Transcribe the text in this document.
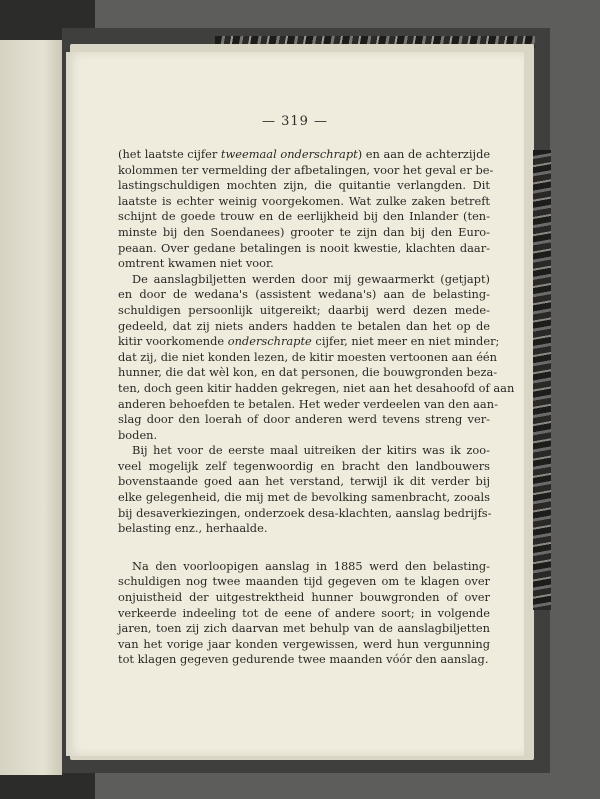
— 319 —
(het laatste cijfer tweemaal onderschrapt) en aan de achterzijde
kolommen ter vermelding der afbetalingen, voor het geval er be-
lastingschuldigen mochten zijn, die quitantie verlangden. Dit
laatste is echter weinig voorgekomen. Wat zulke zaken betreft
schijnt de goede trouw en de eerlijkheid bij den Inlander (ten-
minste bij den Soendanees) grooter te zijn dan bij den Euro-
peaan. Over gedane betalingen is nooit kwestie, klachten daar-
omtrent kwamen niet voor.
De aanslagbiljetten werden door mij gewaarmerkt (getjapt)
en door de wedana's (assistent wedana's) aan de belasting-
schuldigen persoonlijk uitgereikt; daarbij werd dezen mede-
gedeeld, dat zij niets anders hadden te betalen dan het op de
kitir voorkomende onderschrapte cijfer, niet meer en niet minder;
dat zij, die niet konden lezen, de kitir moesten vertoonen aan één
hunner, die dat wèl kon, en dat personen, die bouwgronden beza-
ten, doch geen kitir hadden gekregen, niet aan het desahoofd of aan
anderen behoefden te betalen. Het weder verdeelen van den aan-
slag door den loerah of door anderen werd tevens streng ver-
boden.
Bij het voor de eerste maal uitreiken der kitirs was ik zoo-
veel mogelijk zelf tegenwoordig en bracht den landbouwers
bovenstaande goed aan het verstand, terwijl ik dit verder bij
elke gelegenheid, die mij met de bevolking samenbracht, zooals
bij desaverkiezingen, onderzoek desa-klachten, aanslag bedrijfs-
belasting enz., herhaalde.
Na den voorloopigen aanslag in 1885 werd den belasting-
schuldigen nog twee maanden tijd gegeven om te klagen over
onjuistheid der uitgestrektheid hunner bouwgronden of over
verkeerde indeeling tot de eene of andere soort; in volgende
jaren, toen zij zich daarvan met behulp van de aanslagbiljetten
van het vorige jaar konden vergewissen, werd hun vergunning
tot klagen gegeven gedurende twee maanden vóór den aanslag.
